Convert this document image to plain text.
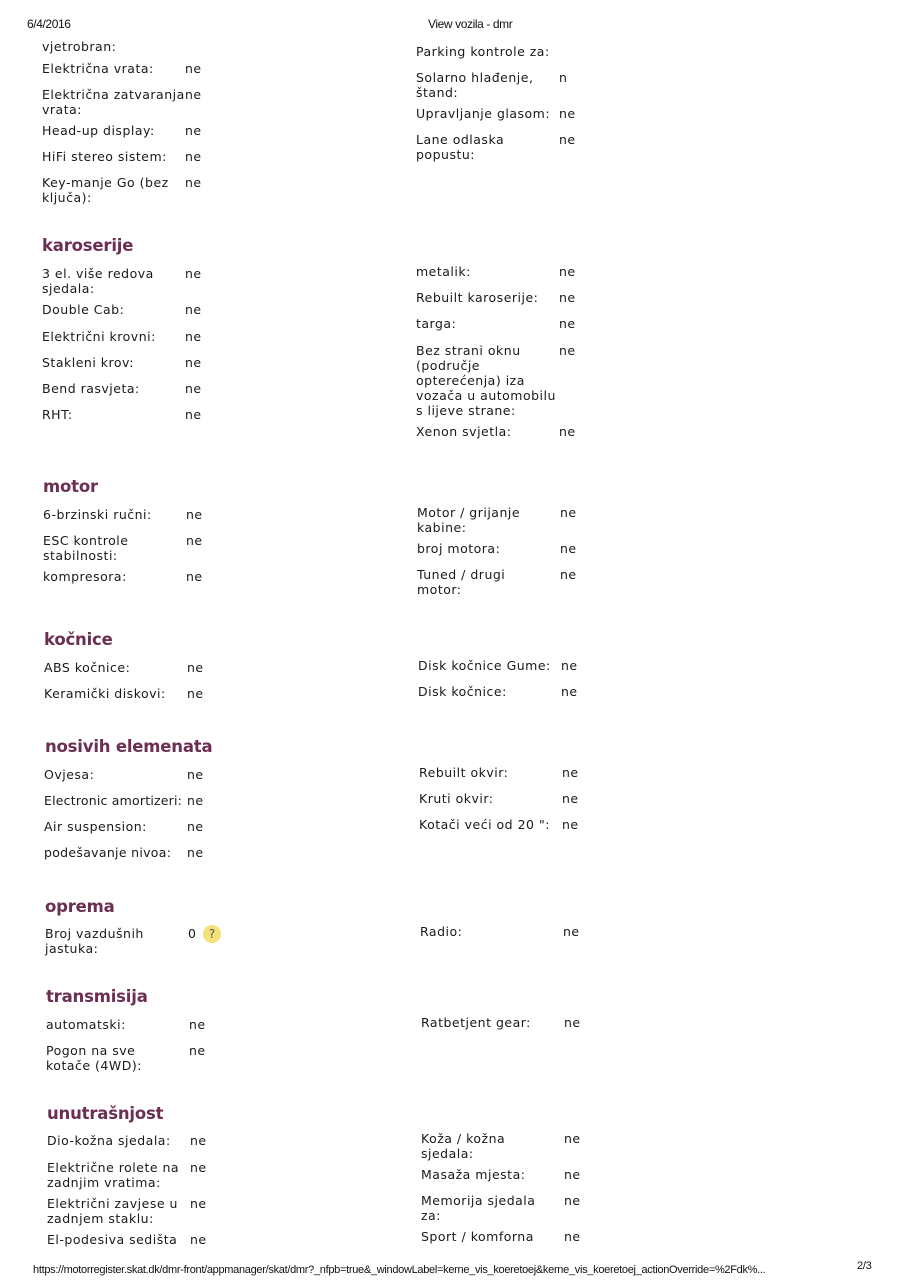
6/4/2016	View vozila - dmr
https://motorregister.skat.dk/dmr-front/appmanager/skat/dmr?_nfpb=true&_windowLabel=kerne_vis_koeretoej&kerne_vis_koeretoej_actionOverride=%2Fdk%...	2/3
karoserije
motor
kočnice
nosivih elemenata
oprema
transmisija
unutrašnjost
vjetrobran:
Električna vrata:	ne
Električna zatvaranja
vrata:
ne
Head-up display: ne
HiFi stereo sistem: ne
Key-manje Go (bez
ključa):
ne
Parking kontrole za:
Solarno hlađenje,
štand:
n
Upravljanje glasom: ne
Lane odlaska
popustu:
ne
3 el. više redova
sjedala:
ne
Double Cab:	ne
Električni krovni: ne
Stakleni krov:	ne
Bend rasvjeta:	ne
RHT:	ne
metalik:	ne
Rebuilt karoserije: ne
targa:	ne
Bez strani oknu
(područje
opterećenja) iza
vozača u automobilu
s lijeve strane:
ne
Xenon svjetla:	ne
6-brzinski ručni:	ne
ESC kontrole
stabilnosti:
ne
kompresora:	ne
Motor / grijanje
kabine:
ne
broj motora:	ne
Tuned / drugi
motor:
ne
ABS kočnice:	ne
Keramički diskovi: ne
Disk kočnice Gume: ne
Disk kočnice:	ne
Ovjesa:	ne
Electronic amortizeri: ne
Air suspension:	ne
podešavanje nivoa: ne
Rebuilt okvir:	ne
Kruti okvir:	ne
Kotači veći od 20 ": ne
Broj vazdušnih
jastuka:
0	?	Radio:	ne
automatski:	ne
Pogon na sve
kotače (4WD):
ne
Ratbetjent gear:	ne
Dio-kožna sjedala: ne
Električne rolete na
zadnjim vratima:
ne
Električni zavjese u
zadnjem staklu:
ne
El-podesiva sedišta ne
Koža / kožna
sjedala:
ne
Masaža mjesta:	ne
Memorija sjedala
za:
ne
Sport / komforna ne
